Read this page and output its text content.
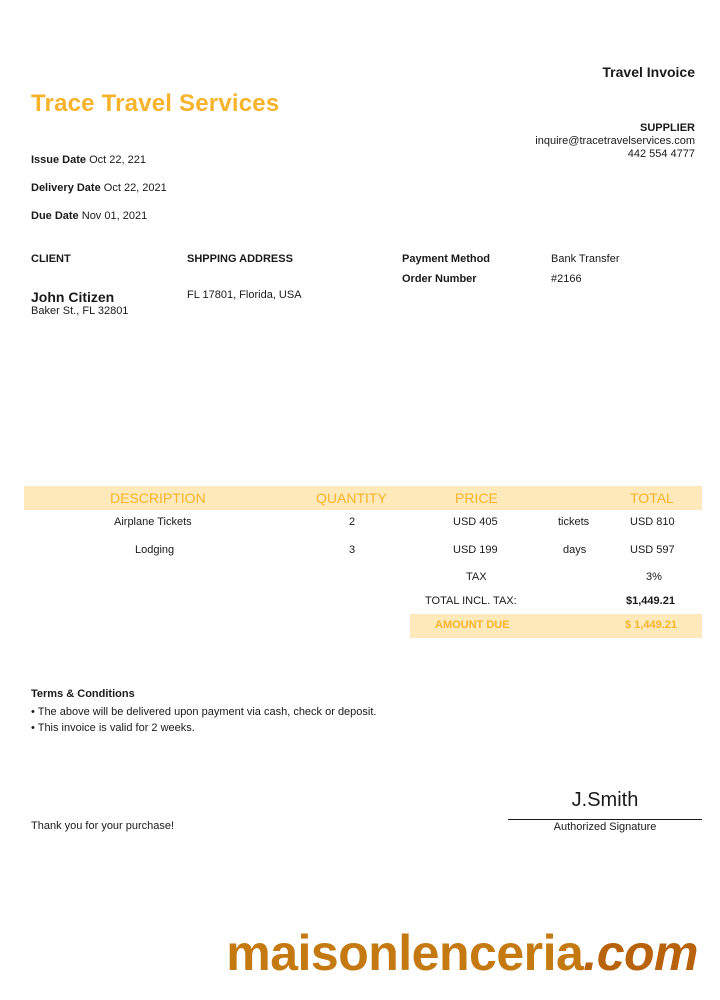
Travel Invoice
Trace Travel Services
SUPPLIER
inquire@tracetravelservices.com
442 554 4777
Issue Date Oct 22, 221
Delivery Date Oct 22, 2021
Due Date Nov 01, 2021
CLIENT
John Citizen
Baker St., FL 32801
SHPPING ADDRESS
FL 17801, Florida, USA
Payment Method	Bank Transfer
Order Number	#2166
DESCRIPTION	QUANTITY	PRICE	TOTAL
Airplane Tickets	2	USD 405	tickets	USD 810
Lodging	3	USD 199	days	USD 597
TAX	3%
TOTAL INCL. TAX:	$1,449.21
AMOUNT DUE	$ 1,449.21
Terms & Conditions
• The above will be delivered upon payment via cash, check or deposit.
• This invoice is valid for 2 weeks.
Thank you for your purchase!
J.Smith
Authorized Signature
maisonlenceria.com
